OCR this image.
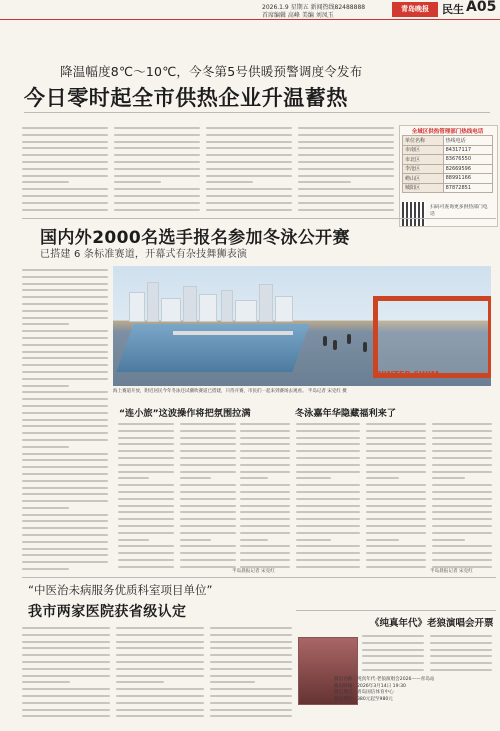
2026.1.9 星期五 新闻热线82488888
首席编辑 高峰 美编 刘凤玉
青岛晚报	民生 A05
降温幅度8℃～10℃，今冬第5号供暖预警调度令发布
今日零时起全市供热企业升温蓄热
全域区供热管理部门热线电话
单位名称	热线电话
市南区	84317117
市北区	83676550
李沧区	82669596
崂山区	88991166
城阳区	87872851
扫码可查询更多供热部门电话
国内外2000名选手报名参加冬泳公开赛
已搭建 6 条标准赛道，开幕式有杂技舞狮表演
WINTER SWIM
海上赛道开放，附近居民今年冬泳还试潮吹赛道已搭建，只待开赛，市民们一起来到赛场去观看。 半岛记者 宋克红 摄
“连小旅”这波操作将把氛围拉满	冬泳嘉年华隐藏福利来了
半岛晨报记者 宋克红	半岛晨报记者 宋克红
“中医治未病服务优质科室项目单位”
我市两家医院获省级认定
《纯真年代》老狼演唱会开票
演出名称：纯真年代·老狼演唱会2026——青岛站
演出时间：2026年3月14日 19:30
演出地点：青岛国信体育中心
演出票价：380元起至980元
